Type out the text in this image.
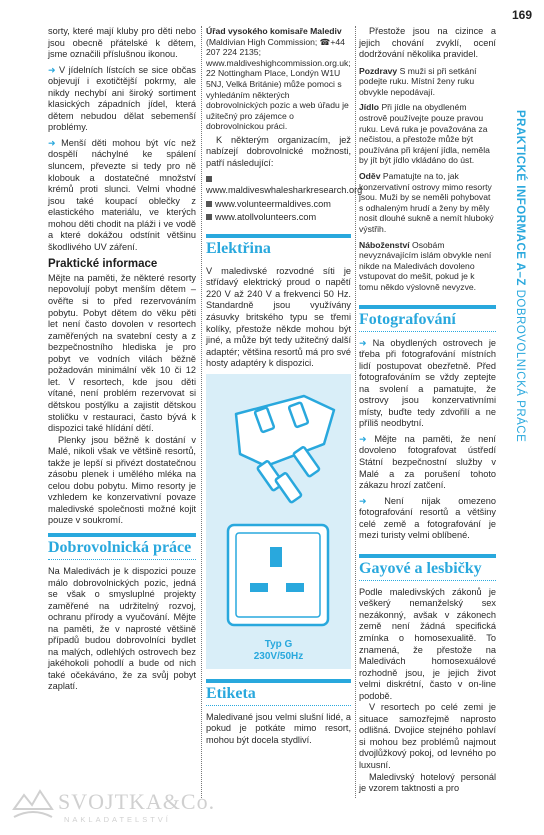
169

sorty, které mají kluby pro děti nebo jsou obecně přátelské k dětem, jsme označili příslušnou ikonou.

➜ V jídelních lístcích se sice občas objevují i exotičtější pokrmy, ale nikdy nechybí ani široký sortiment klasických západních jídel, která dětem nebudou dělat sebemenší problémy.

➜ Menší děti mohou být víc než dospělí náchylné ke spálení sluncem, převezte si tedy pro ně klobouk a dostatečné množství krémů proti slunci. Velmi vhodné jsou také koupací oblečky z elastického materiálu, ve kterých mohou děti chodit na pláži i ve vodě a které dokážou odstínit většinu škodlivého UV záření.

Praktické informace

Mějte na paměti, že některé resorty nepovolují pobyt menším dětem – ověřte si to před rezervováním pobytu. Pobyt dětem do věku pěti let není často dovolen v resortech zaměřených na svatební cesty a z bezpečnostního hlediska je pro pobyt ve vodních vilách běžně požadován minimální věk 10 či 12 let. V resortech, kde jsou děti vítané, není problém rezervovat si dětskou postýlku a zajistit dětskou stoličku v restauraci, často bývá k dispozici také hlídání dětí.

Plenky jsou běžně k dostání v Malé, nikoli však ve většině resortů, takže je lepší si přivézt dostatečnou zásobu plenek i umělého mléka na celou dobu pobytu. Mimo resorty je vzhledem ke konzervativní povaze maledivské společnosti možné kojit pouze v soukromí.

Dobrovolnická práce

Na Maledivách je k dispozici pouze málo dobrovolnických pozic, jedná se však o smysluplné projekty zaměřené na udržitelný rozvoj, ochranu přírody a vyučování. Mějte na paměti, že v naprosté většině případů budou dobrovolníci bydlet na malých, odlehlých ostrovech bez jakéhokoli pohodlí a bude od nich také očekáváno, že za svůj pobyt zaplatí.

Úřad vysokého komisaře Malediv (Maldivian High Commission; ☎+44 207 224 2135; www.maldiveshighcommission.org.uk; 22 Nottingham Place, Londýn W1U 5NJ, Velká Británie) může pomoci s vyhledáním některých dobrovolnických pozic a web úřadu je užitečný pro zájemce o dobrovolnickou práci.

K některým organizacím, jež nabízejí dobrovolnické možnosti, patří následující:

www.maldiveswhalesharkresearch.org
www.volunteermaldives.com
www.atollvolunteers.com
Elektřina

V maledivské rozvodné síti je střídavý elektrický proud o napětí 220 V až 240 V a frekvenci 50 Hz. Standardně jsou využívány zásuvky britského typu se třemi kolíky, přestože někde mohou být jiné, a může být tedy užitečný další adaptér; většina resortů má pro své hosty adaptéry k dispozici.

Typ G
230V/50Hz
Etiketa

Maledivané jsou velmi slušní lidé, a pokud je potkáte mimo resort, mohou být docela stydliví.

Přestože jsou na cizince a jejich chování zvyklí, ocení dodržování několika pravidel.

Pozdravy S muži si při setkání podejte ruku. Místní ženy ruku obvykle nepodávají.

Jídlo Při jídle na obydleném ostrově používejte pouze pravou ruku. Levá ruka je považována za nečistou, a přestože může být používána při krájení jídla, neměla by jít být jídlo vkládáno do úst.

Oděv Pamatujte na to, jak konzervativní ostrovy mimo resorty jsou. Muži by se neměli pohybovat s odhaleným hrudí a ženy by měly nosit dlouhé sukně a nemít hluboký výstřih.

Náboženství Osobám nevyznávajícím islám obvykle není nikde na Maledivách dovoleno vstupovat do mešit, pokud je k tomu někdo výslovně nevyzve.

Fotografování

➜ Na obydlených ostrovech je třeba při fotografování místních lidí postupovat obezřetně. Před fotografováním se vždy zeptejte na svolení a pamatujte, že ostrovy jsou konzervativními místy, buďte tedy zdvořilí a ne příliš neodbytní.

➜ Mějte na paměti, že není dovoleno fotografovat ústředí Státní bezpečnostní služby v Malé a za porušení tohoto zákazu hrozí zatčení.

➜ Není nijak omezeno fotografování resortů a většiny celé země a fotografování je mezi turisty velmi oblíbené.

Gayové a lesbičky

Podle maledivských zákonů je veškerý nemanželský sex nezákonný, avšak v zákonech země není žádná specifická zmínka o homosexualitě. To znamená, že přestože na Maledivách homosexuálové rozhodně jsou, je jejich život velmi diskrétní, často v on-line podobě.

V resortech po celé zemi je situace samozřejmě naprosto odlišná. Dvojice stejného pohlaví si mohou bez problémů najmout dvojlůžkový pokoj, od levného po luxusní.

Maledivský hotelový personál je vzorem taktnosti a pro

PRAKTICKÉ INFORMACE A–Z DOBROVOLNICKÁ PRÁCE
SVOJTKA&Co.
NAKLADATELSTVÍ
